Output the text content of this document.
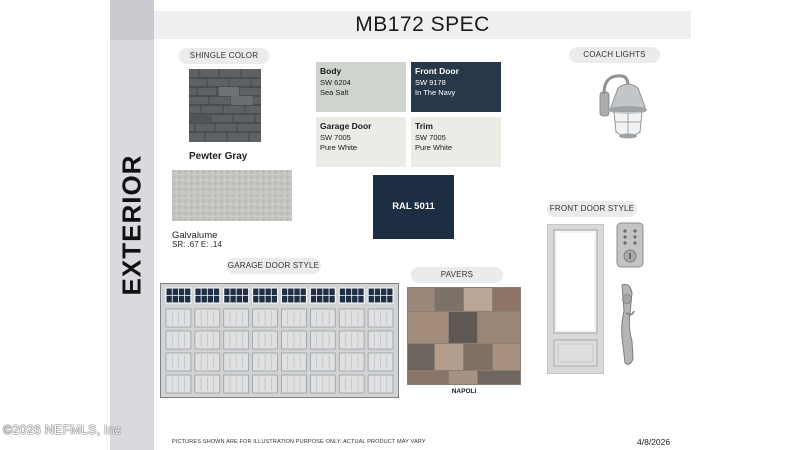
EXTERIOR
MB172 SPEC
SHINGLE COLOR
Pewter Gray
Galvalume
SR: .67 E: .14
Body
SW 6204
Sea Salt
Front Door
SW 9178
In The Navy
Garage Door
SW 7005
Pure White
Trim
SW 7005
Pure White
RAL 5011
COACH LIGHTS
GARAGE DOOR STYLE
PAVERS
NAPOLI
FRONT DOOR STYLE
PICTURES SHOWN ARE FOR ILLUSTRATION PURPOSE ONLY. ACTUAL PRODUCT MAY VARY	4/8/2026
©2026 NEFMLS, Inc
